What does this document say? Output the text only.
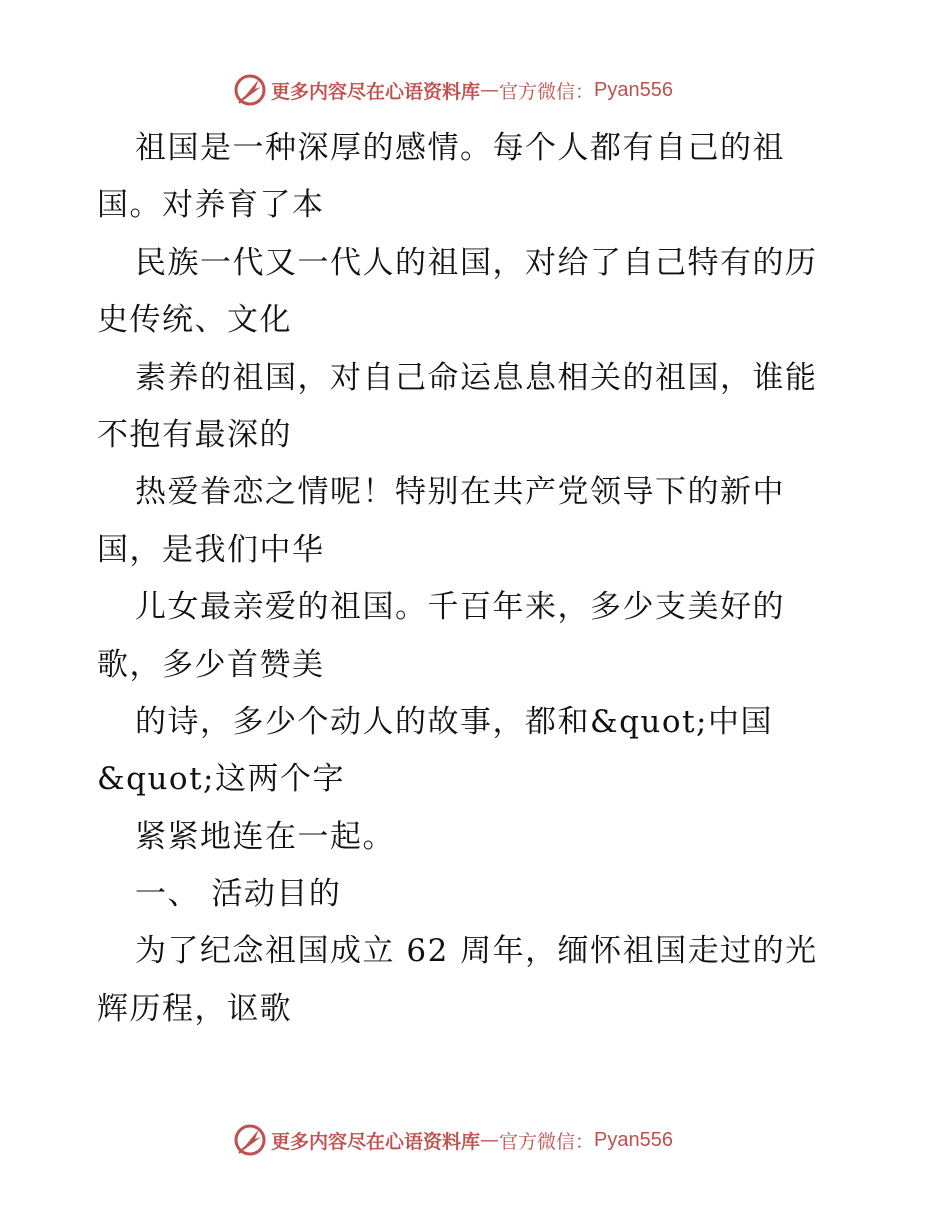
更多内容尽在心语资料库 — 官方微信： Pyan556
祖国是一种深厚的感情。每个人都有自己的祖
国。对养育了本
民族一代又一代人的祖国，对给了自己特有的历
史传统、文化
素养的祖国，对自己命运息息相关的祖国，谁能
不抱有最深的
热爱眷恋之情呢！特别在共产党领导下的新中
国，是我们中华
儿女最亲爱的祖国。千百年来，多少支美好的
歌，多少首赞美
的诗，多少个动人的故事，都和&quot;中国
&quot;这两个字
紧紧地连在一起。
一、 活动目的
为了纪念祖国成立 62 周年，缅怀祖国走过的光
辉历程，讴歌
更多内容尽在心语资料库 — 官方微信： Pyan556
